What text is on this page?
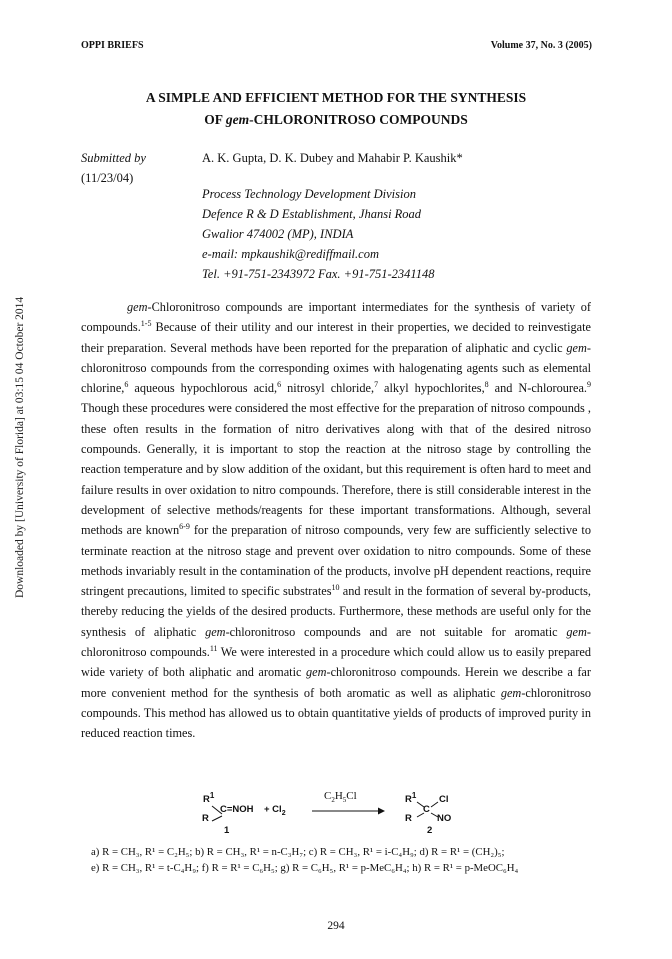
OPPI BRIEFS	Volume 37, No. 3 (2005)
A SIMPLE AND EFFICIENT METHOD FOR THE SYNTHESIS
OF gem-CHLORONITROSO COMPOUNDS
Submitted by
(11/23/04)
A. K. Gupta, D. K. Dubey and Mahabir P. Kaushik*
Process Technology Development Division
Defence R & D Establishment, Jhansi Road
Gwalior 474002 (MP), INDIA
e-mail: mpkaushik@rediffmail.com
Tel. +91-751-2343972 Fax. +91-751-2341148
Downloaded by [University of Florida] at 03:15 04 October 2014	gem-Chloronitroso compounds are important intermediates for the synthesis of variety of compounds.$^{1-5}$ Because of their utility and our interest in their properties, we decided to reinvestigate their preparation. Several methods have been reported for the preparation of aliphatic and cyclic gem-chloronitroso compounds from the corresponding oximes with halogenating agents such as elemental chlorine,$^6$ aqueous hypochlorous acid,$^6$ nitrosyl chloride,$^7$ alkyl hypochlorites,$^8$ and N-chlorourea.$^9$ Though these procedures were considered the most effective for the preparation of nitroso compounds , these often results in the formation of nitro derivatives along with that of the desired nitroso compounds. Generally, it is important to stop the reaction at the nitroso stage by controlling the reaction temperature and by slow addition of the oxidant, but this requirement is often hard to meet and failure results in over oxidation to nitro compounds. Therefore, there is still considerable interest in the development of selective methods/reagents for these important transformations. Although, several methods are known$^{6-9}$ for the preparation of nitroso compounds, very few are sufficiently selective to terminate reaction at the nitroso stage and prevent over oxidation to nitro compounds. Some of these methods invariably result in the contamination of the products, involve pH dependent reactions, require stringent precautions, limited to specific substrates$^{10}$ and result in the formation of several by-products, thereby reducing the yields of the desired products. Furthermore, these methods are useful only for the synthesis of aliphatic gem-chloronitroso compounds and are not suitable for aromatic gem-chloronitroso compounds.$^{11}$ We were interested in a procedure which could allow us to easily prepared wide variety of both aliphatic and aromatic gem-chloronitroso compounds. Herein we describe a far more convenient method for the synthesis of both aromatic as well as aliphatic gem-chloronitroso compounds. This method has allowed us to obtain quantitative yields of products of improved purity in reduced reaction times.

$R^1$
$C=NOH + Cl_2$
R
1
$C_2H_5Cl$	$R^1$ Cl
C
R	NO
2
a) R = CH₃, R¹ = C₂H₅; b) R = CH₃, R¹ = n-C₃H₇; c) R = CH₃, R¹ = i-C₄H₉; d) R = R¹ = (CH₂)₅;
e) R = CH₃, R¹ = t-C₄H₉; f) R = R¹ = C₆H₅; g) R = C₆H₅, R¹ = p-MeC₆H₄; h) R = R¹ = p-MeOC₆H₄
294
